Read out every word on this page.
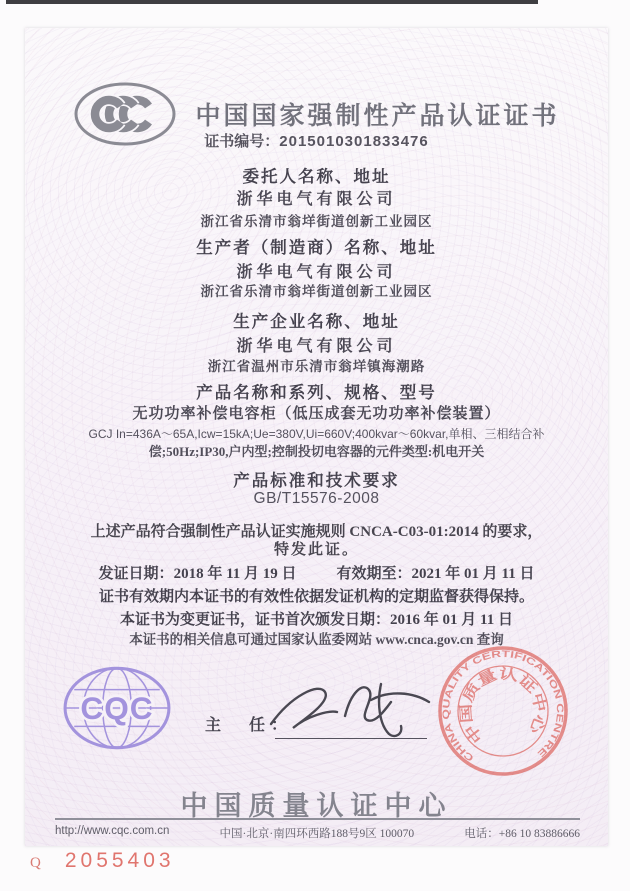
中国国家强制性产品认证证书
证书编号：2015010301833476
委托人名称、地址
浙华电气有限公司
浙江省乐清市翁垟街道创新工业园区
生产者（制造商）名称、地址
浙华电气有限公司
浙江省乐清市翁垟街道创新工业园区
生产企业名称、地址
浙华电气有限公司
浙江省温州市乐清市翁垟镇海潮路
产品名称和系列、规格、型号
无功功率补偿电容柜（低压成套无功功率补偿装置）
GCJ In=436A～65A,Icw=15kA;Ue=380V,Ui=660V;400kvar～60kvar,单相、三相结合补
偿;50Hz;IP30,户内型;控制投切电容器的元件类型:机电开关
产品标准和技术要求
GB/T15576-2008
上述产品符合强制性产品认证实施规则 CNCA-C03-01:2014 的要求，
特发此证。
发证日期：2018 年 11 月 19 日	有效期至：2021 年 01 月 11 日
证书有效期内本证书的有效性依据发证机构的定期监督获得保持。
本证书为变更证书，证书首次颁发日期：2016 年 01 月 11 日
本证书的相关信息可通过国家认监委网站 www.cnca.gov.cn 查询
CQC	主　任：
CHINA QUALITY CERTIFICATION CENTRE
中国质量认证中心
中国质量认证中心
http://www.cqc.com.cn	中国·北京·南四环西路188号9区 100070	电话：+86 10 83886666
Q 2055403
